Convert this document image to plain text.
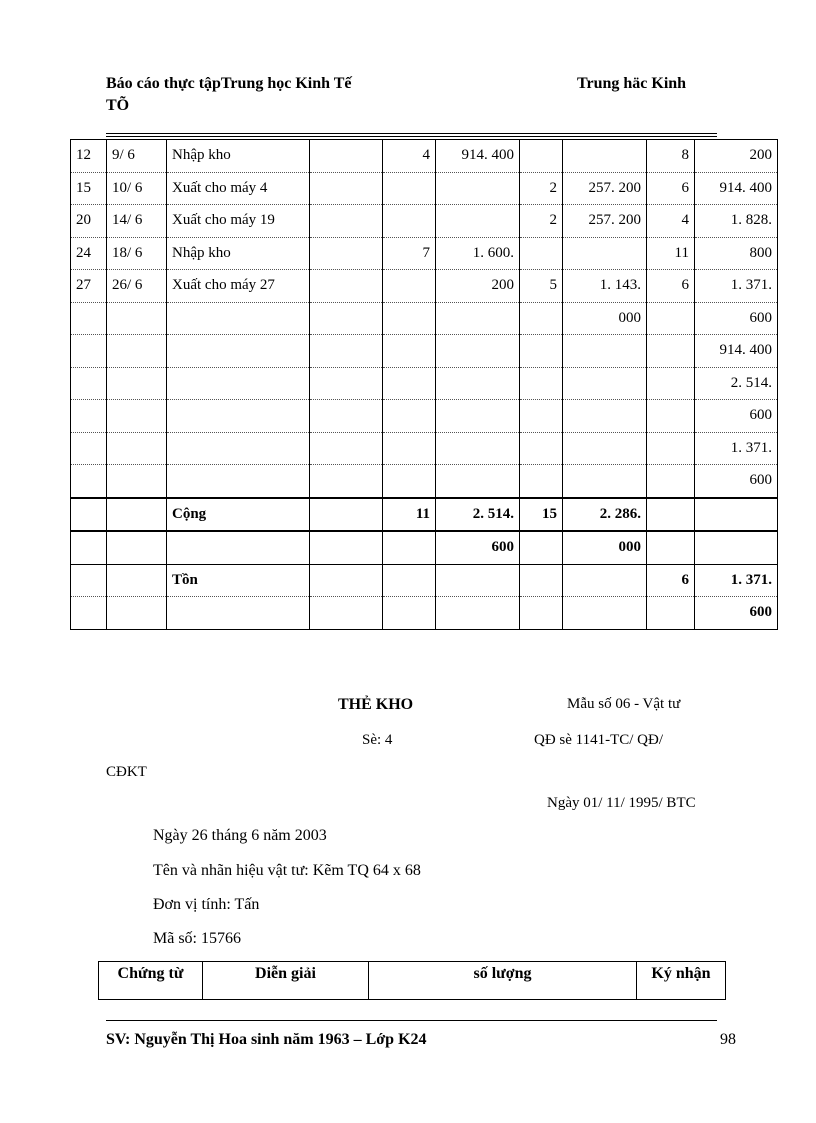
Báo cáo thực tậpTrung học Kinh Tế
TÕ
Trung häc Kinh
12	9/ 6	Nhập kho		4	914. 400			8	200
15	10/ 6	Xuất cho máy 4				2	257. 200	6	914. 400
20	14/ 6	Xuất cho máy 19				2	257. 200	4	1. 828.
24	18/ 6	Nhập kho		7	1. 600.			11	800
27	26/ 6	Xuất cho máy 27			200	5	1. 143.	6	1. 371.
							000		600
									914. 400
									2. 514.
									600
									1. 371.
									600
		Cộng		11	2. 514.	15	2. 286.		
					600		000		
		Tồn						6	1. 371.
									600
THẺ KHO	Mẫu số 06 - Vật tư
Sè: 4	QĐ sè 1141-TC/ QĐ/
CĐKT
Ngày 01/ 11/ 1995/ BTC
Ngày 26 tháng 6 năm 2003
Tên và nhãn hiệu vật tư: Kẽm TQ 64 x 68
Đơn vị tính: Tấn
Mã số: 15766
Chứng từ	Diễn giải	số lượng	Ký nhận
SV: Nguyễn Thị Hoa sinh năm 1963 – Lớp K24	98
